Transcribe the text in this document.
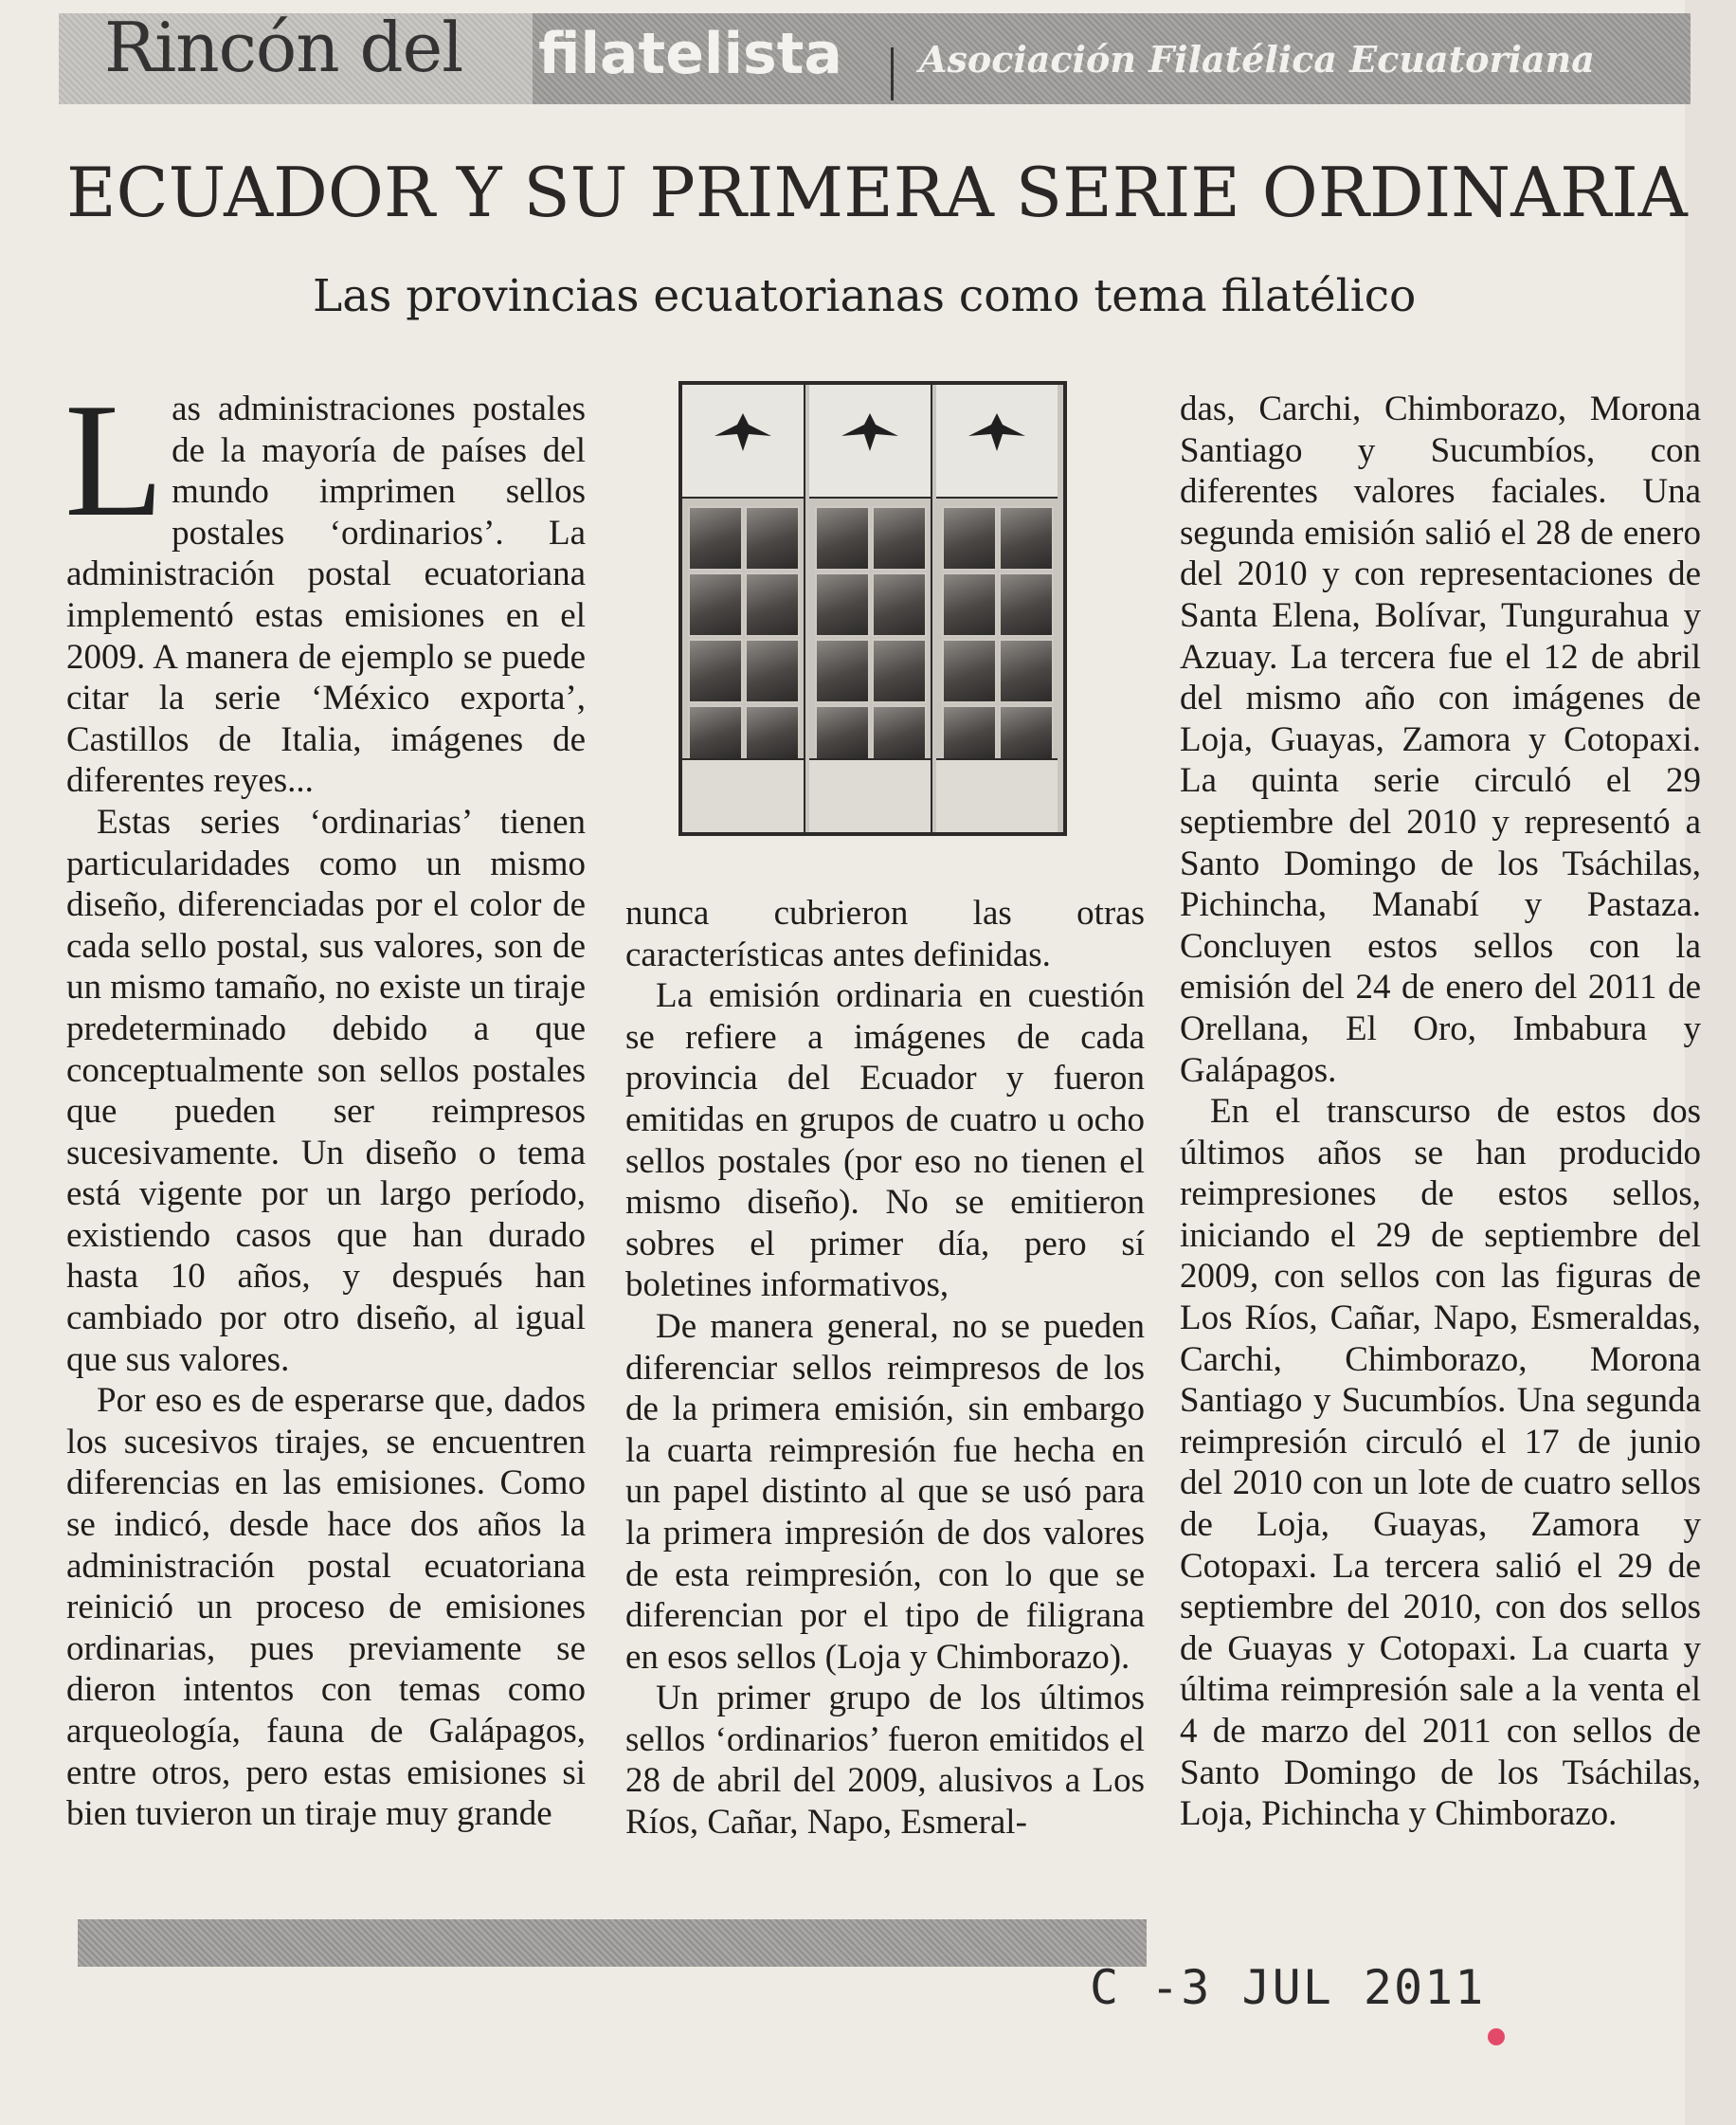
Rincón del filatelista Asociación Filatélica Ecuatoriana
ECUADOR Y SU PRIMERA SERIE ORDINARIA
Las provincias ecuatorianas como tema filatélico
L as administraciones postales de la mayoría de países del mundo imprimen sellos postales ‘ordinarios’. La administración postal ecuatoriana implementó estas emisiones en el 2009. A manera de ejemplo se puede citar la serie ‘México exporta’, Castillos de Italia, imágenes de diferentes reyes...

Estas series ‘ordinarias’ tienen particularidades como un mismo diseño, diferenciadas por el color de cada sello postal, sus valores, son de un mismo tamaño, no existe un tiraje predeterminado debido a que conceptualmente son sellos postales que pueden ser reimpresos sucesivamente. Un diseño o tema está vigente por un largo período, existiendo casos que han durado hasta 10 años, y después han cambiado por otro diseño, al igual que sus valores.

Por eso es de esperarse que, dados los sucesivos tirajes, se encuentren diferencias en las emisiones. Como se indicó, desde hace dos años la administración postal ecuatoriana reinició un proceso de emisiones ordinarias, pues previamente se dieron intentos con temas como arqueología, fauna de Galápagos, entre otros, pero estas emisiones si bien tuvieron un tiraje muy grande

nunca cubrieron las otras características antes definidas.

La emisión ordinaria en cuestión se refiere a imágenes de cada provincia del Ecuador y fueron emitidas en grupos de cuatro u ocho sellos postales (por eso no tienen el mismo diseño). No se emitieron sobres el primer día, pero sí boletines informativos,

De manera general, no se pueden diferenciar sellos reimpresos de los de la primera emisión, sin embargo la cuarta reimpresión fue hecha en un papel distinto al que se usó para la primera impresión de dos valores de esta reimpresión, con lo que se diferencian por el tipo de filigrana en esos sellos (Loja y Chimborazo).

Un primer grupo de los últimos sellos ‘ordinarios’ fueron emitidos el 28 de abril del 2009, alusivos a Los Ríos, Cañar, Napo, Esmeral-

das, Carchi, Chimborazo, Morona Santiago y Sucumbíos, con diferentes valores faciales. Una segunda emisión salió el 28 de enero del 2010 y con representaciones de Santa Elena, Bolívar, Tungurahua y Azuay. La tercera fue el 12 de abril del mismo año con imágenes de Loja, Guayas, Zamora y Cotopaxi. La quinta serie circuló el 29 septiembre del 2010 y representó a Santo Domingo de los Tsáchilas, Pichincha, Manabí y Pastaza. Concluyen estos sellos con la emisión del 24 de enero del 2011 de Orellana, El Oro, Imbabura y Galápagos.

En el transcurso de estos dos últimos años se han producido reimpresiones de estos sellos, iniciando el 29 de septiembre del 2009, con sellos con las figuras de Los Ríos, Cañar, Napo, Esmeraldas, Carchi, Chimborazo, Morona Santiago y Sucumbíos. Una segunda reimpresión circuló el 17 de junio del 2010 con un lote de cuatro sellos de Loja, Guayas, Zamora y Cotopaxi. La tercera salió el 29 de septiembre del 2010, con dos sellos de Guayas y Cotopaxi. La cuarta y última reimpresión sale a la venta el 4 de marzo del 2011 con sellos de Santo Domingo de los Tsáchilas, Loja, Pichincha y Chimborazo.

C -3 JUL 2011
